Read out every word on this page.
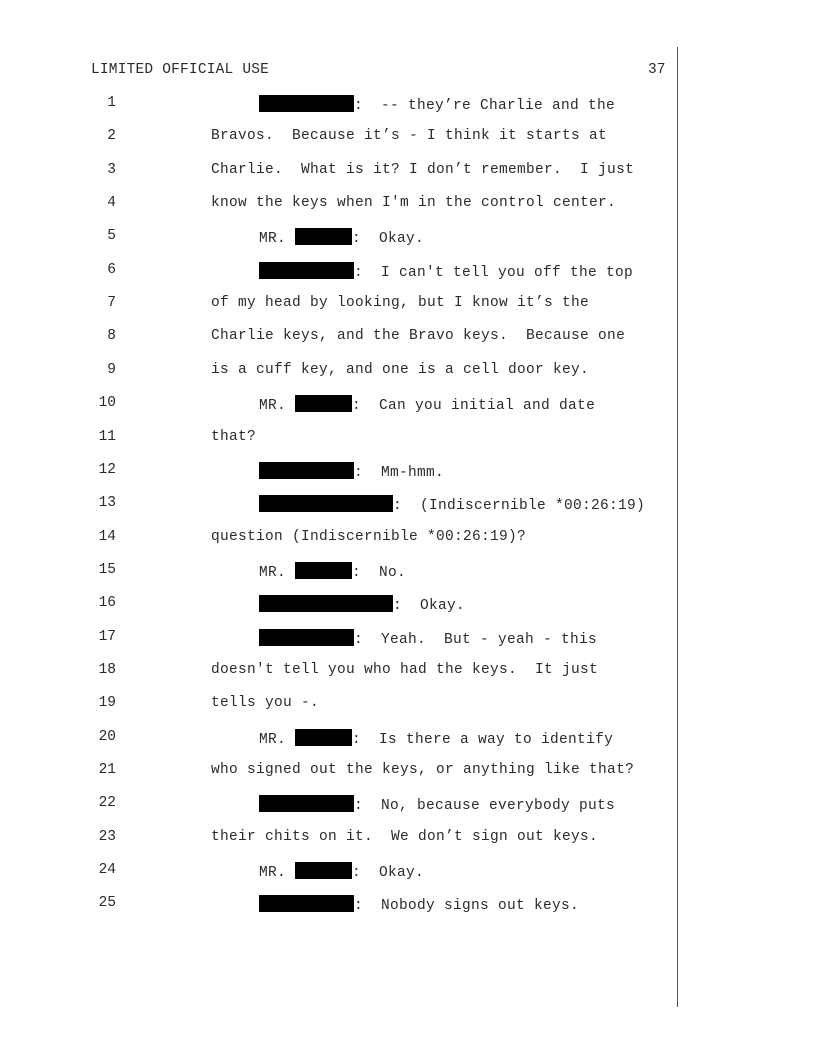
LIMITED OFFICIAL USE	37
1	:  -- they’re Charlie and the
2	Bravos.  Because it’s - I think it starts at
3	Charlie.  What is it? I don’t remember.  I just
4	know the keys when I'm in the control center.
5	MR.	:  Okay.
6	:  I can't tell you off the top
7	of my head by looking, but I know it’s the
8	Charlie keys, and the Bravo keys.  Because one
9	is a cuff key, and one is a cell door key.
10	MR.	:  Can you initial and date
11	that?
12	:  Mm-hmm.
13	:  (Indiscernible *00:26:19)
14	question (Indiscernible *00:26:19)?
15	MR.	:  No.
16	:  Okay.
17	:  Yeah.  But - yeah - this
18	doesn't tell you who had the keys.  It just
19	tells you -.
20	MR.	:  Is there a way to identify
21	who signed out the keys, or anything like that?
22	:  No, because everybody puts
23	their chits on it.  We don’t sign out keys.
24	MR.	:  Okay.
25	:  Nobody signs out keys.
